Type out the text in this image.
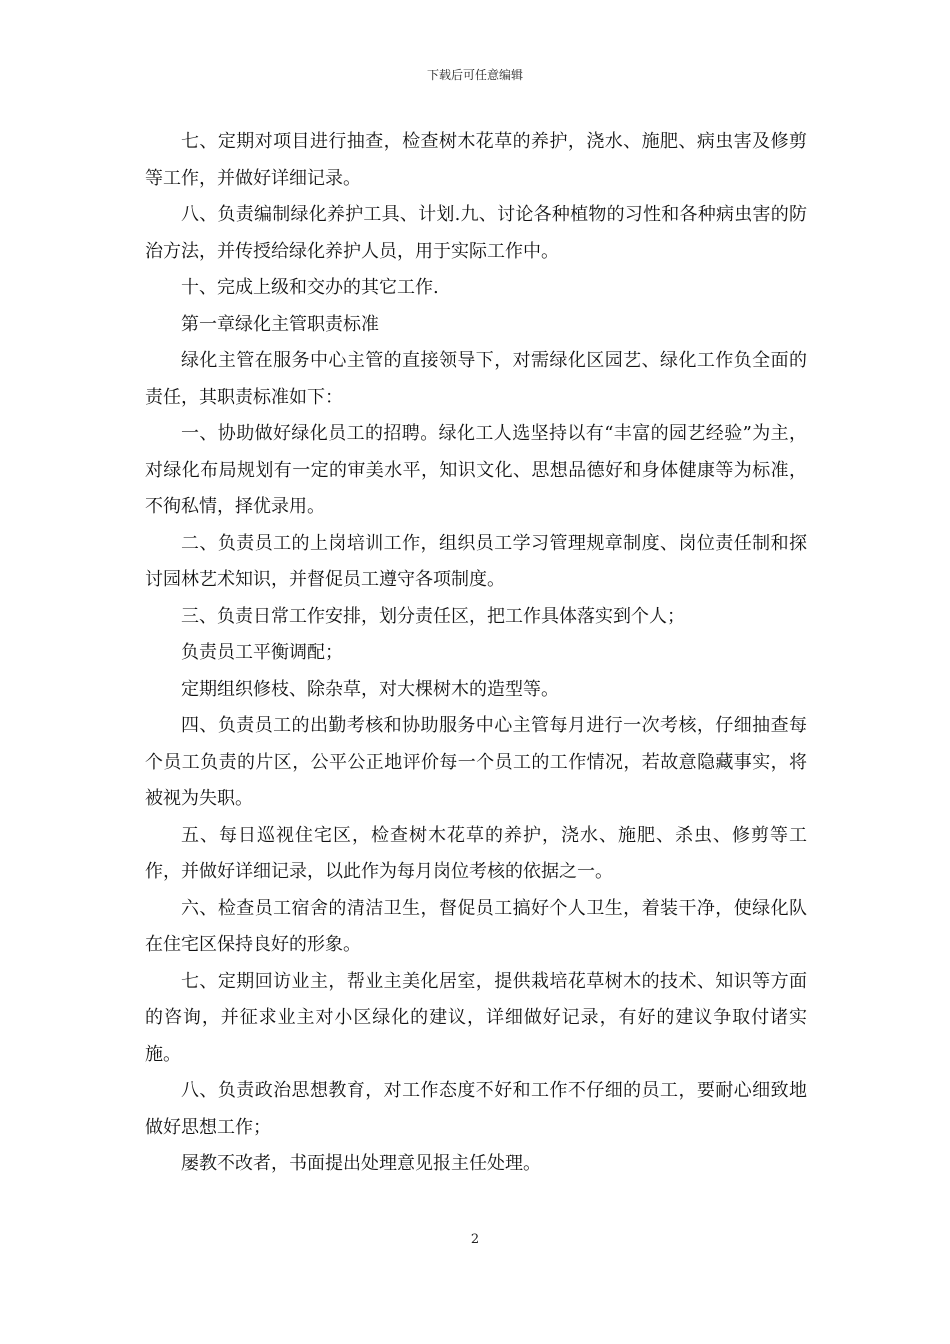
下载后可任意编辑

七、定期对项目进行抽查，检查树木花草的养护，浇水、施肥、病虫害及修剪等工作，并做好详细记录。

八、负责编制绿化养护工具、计划.九、讨论各种植物的习性和各种病虫害的防治方法，并传授给绿化养护人员，用于实际工作中。

十、完成上级和交办的其它工作.

第一章绿化主管职责标准

绿化主管在服务中心主管的直接领导下，对需绿化区园艺、绿化工作负全面的责任，其职责标准如下：

一、协助做好绿化员工的招聘。绿化工人选坚持以有“丰富的园艺经验”为主，对绿化布局规划有一定的审美水平，知识文化、思想品德好和身体健康等为标准，不徇私情，择优录用。

二、负责员工的上岗培训工作，组织员工学习管理规章制度、岗位责任制和探讨园林艺术知识，并督促员工遵守各项制度。

三、负责日常工作安排，划分责任区，把工作具体落实到个人；

负责员工平衡调配；

定期组织修枝、除杂草，对大棵树木的造型等。

四、负责员工的出勤考核和协助服务中心主管每月进行一次考核，仔细抽查每个员工负责的片区，公平公正地评价每一个员工的工作情况，若故意隐藏事实，将被视为失职。

五、每日巡视住宅区，检查树木花草的养护，浇水、施肥、杀虫、修剪等工作，并做好详细记录，以此作为每月岗位考核的依据之一。

六、检查员工宿舍的清洁卫生，督促员工搞好个人卫生，着装干净，使绿化队在住宅区保持良好的形象。

七、定期回访业主，帮业主美化居室，提供栽培花草树木的技术、知识等方面的咨询，并征求业主对小区绿化的建议，详细做好记录，有好的建议争取付诸实施。

八、负责政治思想教育，对工作态度不好和工作不仔细的员工，要耐心细致地做好思想工作；

屡教不改者，书面提出处理意见报主任处理。

2
